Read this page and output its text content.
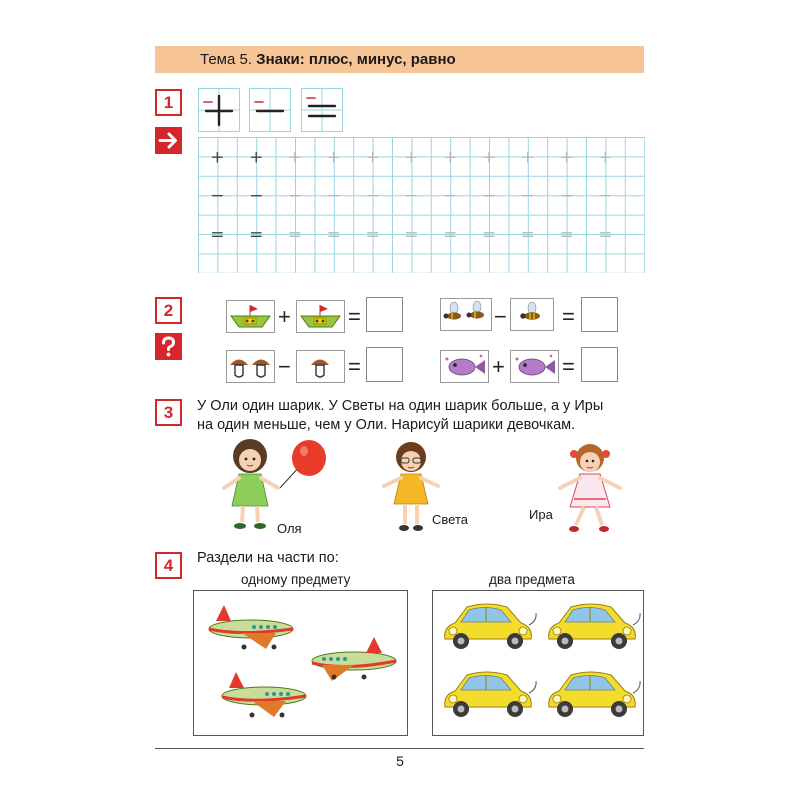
Тема 5. Знаки: плюс, минус, равно
1
+ + + + + + + + + + +
− − − − − − − − − − −
= = = = = = = = = = =
2	+	=	−	=
−	=	+	=
3	У Оли один шарик. У Светы на один шарик больше, а у Иры
на один меньше, чем у Оли. Нарисуй шарики девочкам.
Оля
Света	Ира
4	Раздели на части по:
одному предмету	два предмета
5
